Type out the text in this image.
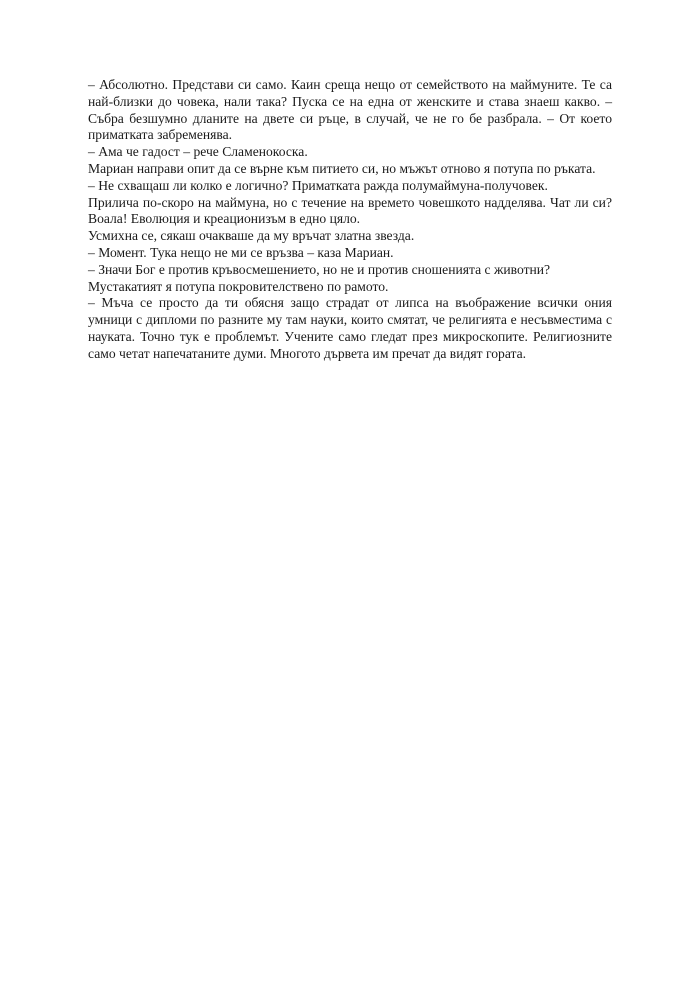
– Абсолютно. Представи си само. Каин среща нещо от семейството на маймуните. Те са най-близки до човека, нали така? Пуска се на една от женските и става знаеш какво. – Събра безшумно дланите на двете си ръце, в случай, че не го бе разбрала. – От което приматката забременява.

– Ама че гадост – рече Сламенокоска.

Мариан направи опит да се върне към питието си, но мъжът отново я потупа по ръката.

– Не схващаш ли колко е логично? Приматката ражда полумаймуна-получовек.

Прилича по-скоро на маймуна, но с течение на времето човешкото надделява. Чат ли си? Воала! Еволюция и креационизъм в едно цяло.

Усмихна се, сякаш очакваше да му връчат златна звезда.

– Момент. Тука нещо не ми се връзва – каза Мариан.

– Значи Бог е против кръвосмешението, но не и против сношенията с животни?

Мустакатият я потупа покровителствено по рамото.

– Мъча се просто да ти обясня защо страдат от липса на въображение всички ония умници с дипломи по разните му там науки, които смятат, че религията е несъвместима с науката. Точно тук е проблемът. Учените само гледат през микроскопите. Религиозните само четат напечатаните думи. Многото дървета им пречат да видят гората.
